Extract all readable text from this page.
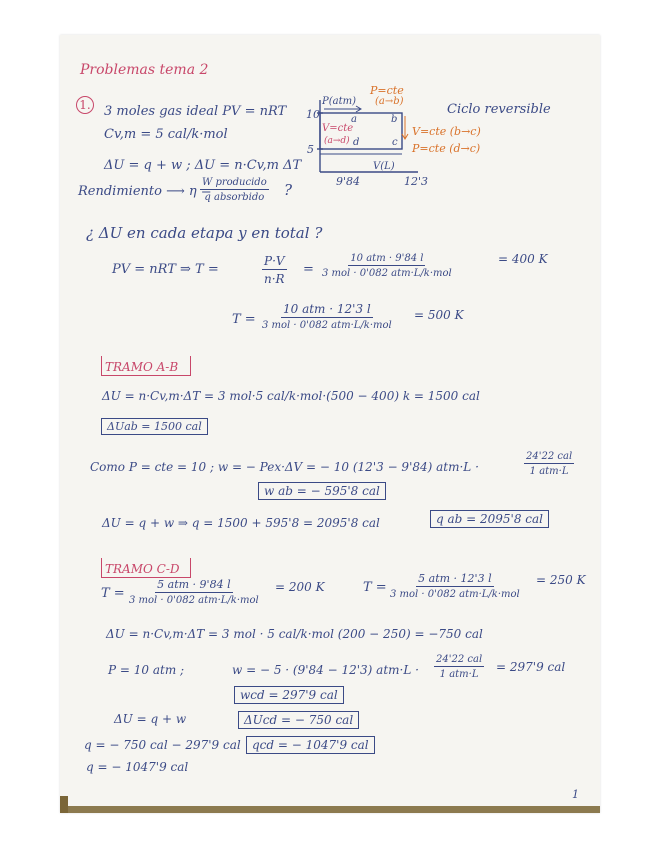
Problemas tema 2
1. 3 moles gas ideal PV = nRT
Cv,m = 5 cal/k·mol
ΔU = q + w ; ΔU = n·Cv,m ΔT
Rendimiento ⟶ η =
W producido
q absorbido ?
P(atm)
10
5
a	b
c
d
V=cte
(a→d)
V(L)
9'84	12'3
P=cte
(a→b)
Ciclo reversible
V=cte (b→c)
P=cte (d→c)
¿ ΔU en cada etapa y en total ?
PV = nRT ⇒ T =	$\frac{P\cdot V}{n\cdot R}$ =
10 atm · 9'84 l
3 mol · 0'082 atm·L/k·mol
= 400 K
T =
10 atm · 12'3 l
3 mol · 0'082 atm·L/k·mol
= 500 K
TRAMO A-B
ΔU = n·Cv,m·ΔT = 3 mol·5 cal/k·mol·(500 − 400) k = 1500 cal
ΔUab = 1500 cal
Como P = cte = 10 ; w = − Pex·ΔV = − 10 (12'3 − 9'84) atm·L ·
24'22 cal
1 atm·L
w ab = − 595'8 cal
ΔU = q + w ⇒ q = 1500 + 595'8 = 2095'8 cal	q ab = 2095'8 cal
TRAMO C-D
T =
5 atm · 9'84 l
3 mol · 0'082 atm·L/k·mol
= 200 K	T =
5 atm · 12'3 l
3 mol · 0'082 atm·L/k·mol
= 250 K
ΔU = n·Cv,m·ΔT = 3 mol · 5 cal/k·mol (200 − 250) = −750 cal
P = 10 atm ;	w = − 5 · (9'84 − 12'3) atm·L ·
24'22 cal
1 atm·L
= 297'9 cal
wcd = 297'9 cal
ΔU = q + w	ΔUcd = − 750 cal
q = − 750 cal − 297'9 cal qcd = − 1047'9 cal
q = − 1047'9 cal
1
